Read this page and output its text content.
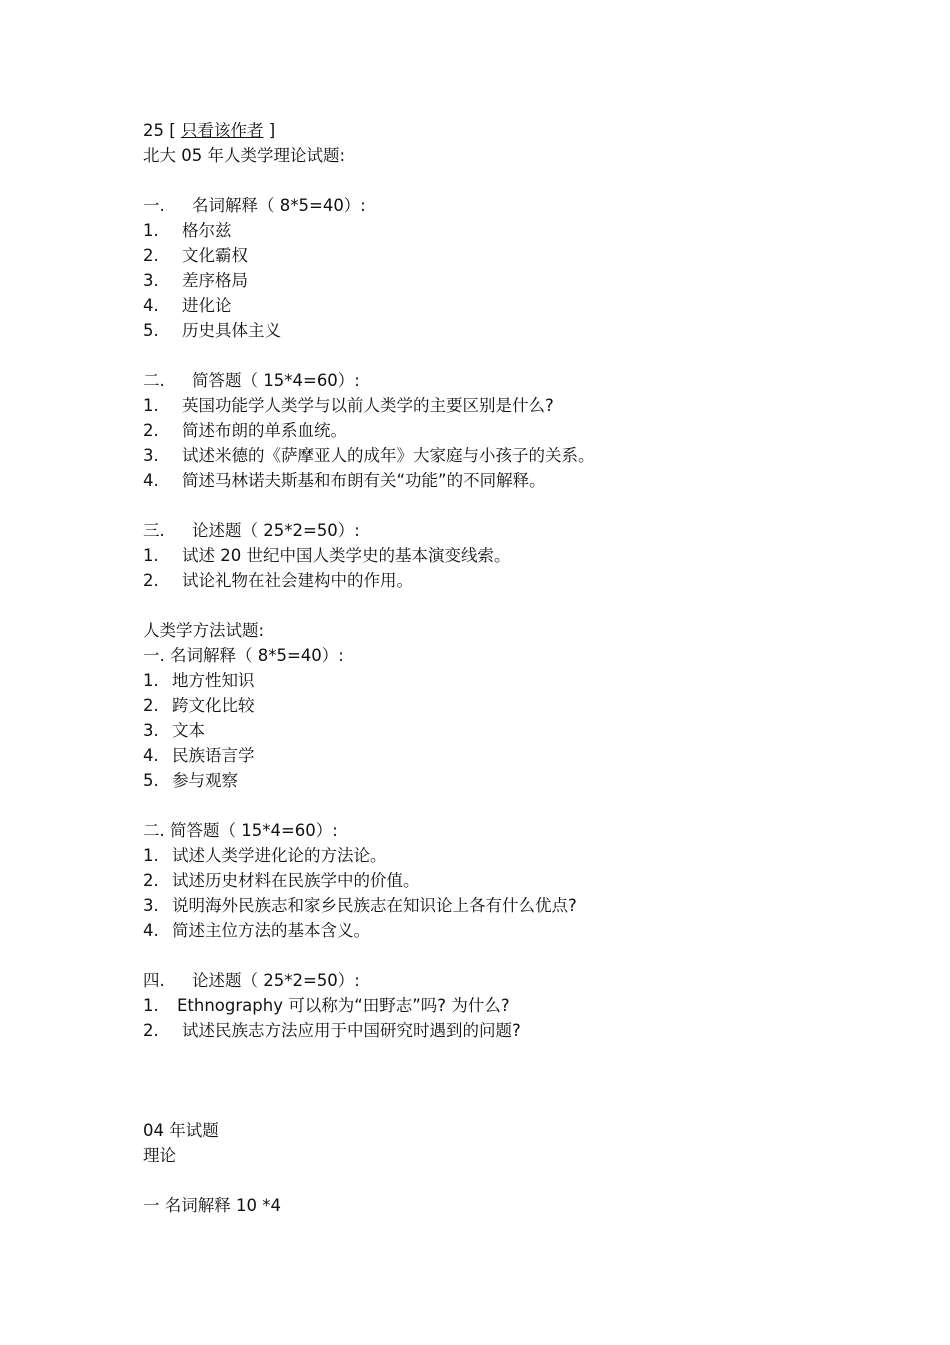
25 [ 只看该作者 ]
北大 05 年人类学理论试题:
一. 名词解释（ 8*5=40）:
1. 格尔兹
2. 文化霸权
3. 差序格局
4. 进化论
5. 历史具体主义
二. 简答题（ 15*4=60）:
1. 英国功能学人类学与以前人类学的主要区别是什么?
2. 简述布朗的单系血统。
3. 试述米德的《萨摩亚人的成年》大家庭与小孩子的关系。
4. 简述马林诺夫斯基和布朗有关“功能”的不同解释。
三. 论述题（ 25*2=50）:
1. 试述 20 世纪中国人类学史的基本演变线索。
2. 试论礼物在社会建构中的作用。
人类学方法试题:
一. 名词解释（ 8*5=40）:
1. 地方性知识
2. 跨文化比较
3. 文本
4. 民族语言学
5. 参与观察
二. 简答题（ 15*4=60）:
1. 试述人类学进化论的方法论。
2. 试述历史材料在民族学中的价值。
3. 说明海外民族志和家乡民族志在知识论上各有什么优点?
4. 简述主位方法的基本含义。
四. 论述题（ 25*2=50）:
1. Ethnography 可以称为“田野志”吗? 为什么?
2. 试述民族志方法应用于中国研究时遇到的问题?
04 年试题
理论
一 名词解释 10 *4
